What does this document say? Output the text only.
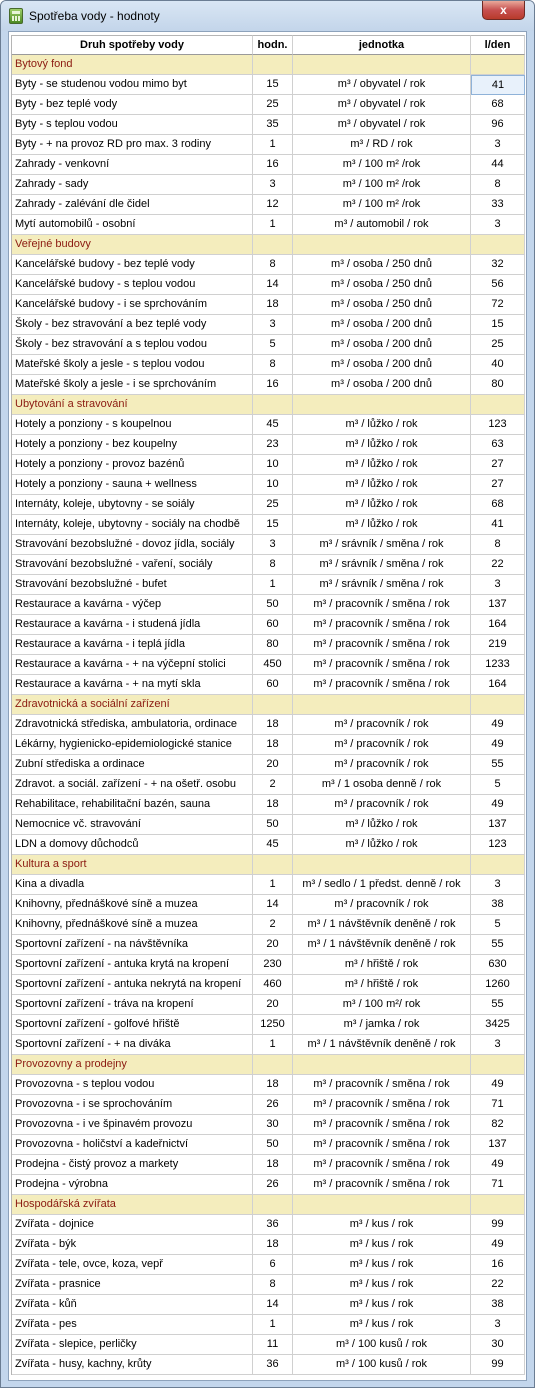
Spotřeba vody - hodnoty	x
Druh spotřeby vody	hodn.	jednotka	l/den
Bytový fond
Byty - se studenou vodou mimo byt	15	m³ / obyvatel / rok	41
Byty - bez teplé vody	25	m³ / obyvatel / rok	68
Byty - s teplou vodou	35	m³ / obyvatel / rok	96
Byty - + na provoz RD pro max. 3 rodiny	1	m³ / RD / rok	3
Zahrady - venkovní	16	m³ / 100 m² /rok	44
Zahrady - sady	3	m³ / 100 m² /rok	8
Zahrady - zalévání dle čidel	12	m³ / 100 m² /rok	33
Mytí automobilů - osobní	1	m³ / automobil / rok	3
Veřejné budovy
Kancelářské budovy - bez teplé vody	8	m³ / osoba / 250 dnů	32
Kancelářské budovy - s teplou vodou	14	m³ / osoba / 250 dnů	56
Kancelářské budovy - i se sprchováním	18	m³ / osoba / 250 dnů	72
Školy - bez stravování a bez teplé vody	3	m³ / osoba / 200 dnů	15
Školy - bez stravování a s teplou vodou	5	m³ / osoba / 200 dnů	25
Mateřské školy a jesle - s teplou vodou	8	m³ / osoba / 200 dnů	40
Mateřské školy a jesle - i se sprchováním	16	m³ / osoba / 200 dnů	80
Ubytování a stravování
Hotely a ponziony - s koupelnou	45	m³ / lůžko / rok	123
Hotely a ponziony - bez koupelny	23	m³ / lůžko / rok	63
Hotely a ponziony - provoz bazénů	10	m³ / lůžko / rok	27
Hotely a ponziony - sauna + wellness	10	m³ / lůžko / rok	27
Internáty, koleje, ubytovny - se soiály	25	m³ / lůžko / rok	68
Internáty, koleje, ubytovny - sociály na chodbě	15	m³ / lůžko / rok	41
Stravování bezobslužné - dovoz jídla, sociály	3	m³ / srávník / směna / rok	8
Stravování bezobslužné - vaření, sociály	8	m³ / srávník / směna / rok	22
Stravování bezobslužné - bufet	1	m³ / srávník / směna / rok	3
Restaurace a kavárna - výčep	50	m³ / pracovník / směna / rok	137
Restaurace a kavárna - i studená jídla	60	m³ / pracovník / směna / rok	164
Restaurace a kavárna - i teplá jídla	80	m³ / pracovník / směna / rok	219
Restaurace a kavárna - + na výčepní stolici	450	m³ / pracovník / směna / rok	1233
Restaurace a kavárna - + na mytí skla	60	m³ / pracovník / směna / rok	164
Zdravotnická a sociální zařízení
Zdravotnická střediska, ambulatoria, ordinace	18	m³ / pracovník / rok	49
Lékárny, hygienicko-epidemiologické stanice	18	m³ / pracovník / rok	49
Zubní střediska a ordinace	20	m³ / pracovník / rok	55
Zdravot. a sociál. zařízení - + na ošetř. osobu	2	m³ / 1 osoba denně / rok	5
Rehabilitace, rehabilitační bazén, sauna	18	m³ / pracovník / rok	49
Nemocnice vč. stravování	50	m³ / lůžko / rok	137
LDN a domovy důchodců	45	m³ / lůžko / rok	123
Kultura a sport
Kina a divadla	1	m³ / sedlo / 1 předst. denně / rok	3
Knihovny, přednáškové síně a muzea	14	m³ / pracovník / rok	38
Knihovny, přednáškové síně a muzea	2	m³ / 1 návštěvník deněně / rok	5
Sportovní zařízení - na návštěvníka	20	m³ / 1 návštěvník deněně / rok	55
Sportovní zařízení - antuka krytá na kropení	230	m³ / hřiště / rok	630
Sportovní zařízení - antuka nekrytá na kropení	460	m³ / hřiště / rok	1260
Sportovní zařízení - tráva na kropení	20	m³ / 100 m²/ rok	55
Sportovní zařízení - golfové hřiště	1250	m³ / jamka / rok	3425
Sportovní zařízení - + na diváka	1	m³ / 1 návštěvník deněně / rok	3
Provozovny a prodejny
Provozovna - s teplou vodou	18	m³ / pracovník / směna / rok	49
Provozovna - i se sprochováním	26	m³ / pracovník / směna / rok	71
Provozovna - i ve špinavém provozu	30	m³ / pracovník / směna / rok	82
Provozovna - holičství a kadeřnictví	50	m³ / pracovník / směna / rok	137
Prodejna - čistý provoz a markety	18	m³ / pracovník / směna / rok	49
Prodejna - výrobna	26	m³ / pracovník / směna / rok	71
Hospodářská zvířata
Zvířata - dojnice	36	m³ / kus / rok	99
Zvířata - býk	18	m³ / kus / rok	49
Zvířata - tele, ovce, koza, vepř	6	m³ / kus / rok	16
Zvířata - prasnice	8	m³ / kus / rok	22
Zvířata - kůň	14	m³ / kus / rok	38
Zvířata - pes	1	m³ / kus / rok	3
Zvířata - slepice, perličky	11	m³ / 100 kusů / rok	30
Zvířata - husy, kachny, krůty	36	m³ / 100 kusů / rok	99
